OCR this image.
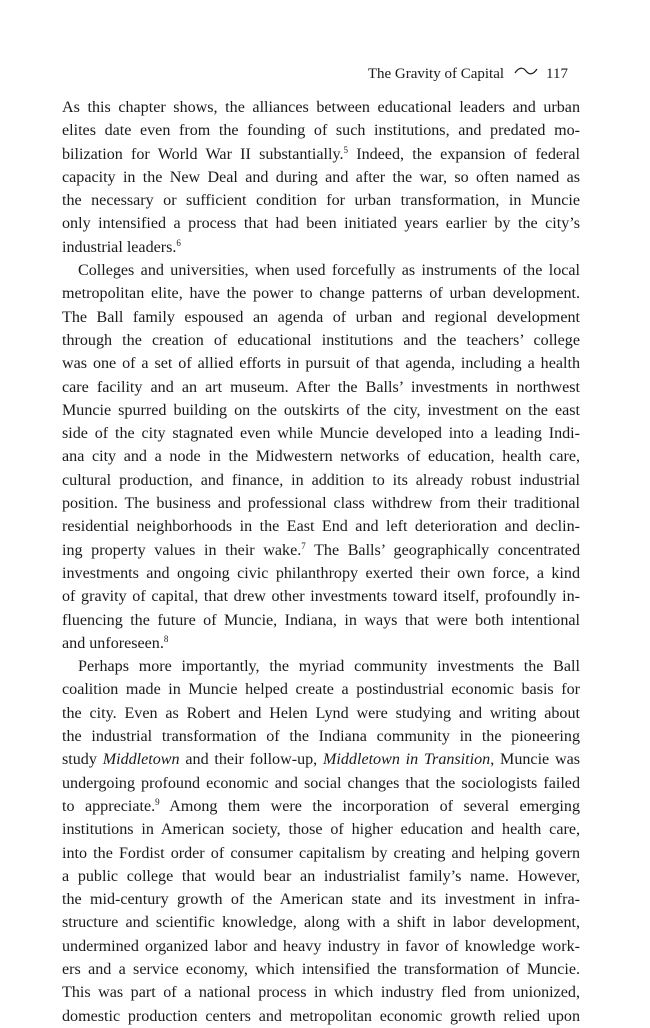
The Gravity of Capital	117
As this chapter shows, the alliances between educational leaders and urban
elites date even from the founding of such institutions, and predated mo-
bilization for World War II substantially.$^5$ Indeed, the expansion of federal
capacity in the New Deal and during and after the war, so often named as
the necessary or sufficient condition for urban transformation, in Muncie
only intensified a process that had been initiated years earlier by the city’s
industrial leaders.$^6$
Colleges and universities, when used forcefully as instruments of the local
metropolitan elite, have the power to change patterns of urban development.
The Ball family espoused an agenda of urban and regional development
through the creation of educational institutions and the teachers’ college
was one of a set of allied efforts in pursuit of that agenda, including a health
care facility and an art museum. After the Balls’ investments in northwest
Muncie spurred building on the outskirts of the city, investment on the east
side of the city stagnated even while Muncie developed into a leading Indi-
ana city and a node in the Midwestern networks of education, health care,
cultural production, and finance, in addition to its already robust industrial
position. The business and professional class withdrew from their traditional
residential neighborhoods in the East End and left deterioration and declin-
ing property values in their wake.$^7$ The Balls’ geographically concentrated
investments and ongoing civic philanthropy exerted their own force, a kind
of gravity of capital, that drew other investments toward itself, profoundly in-
fluencing the future of Muncie, Indiana, in ways that were both intentional
and unforeseen.$^8$
Perhaps more importantly, the myriad community investments the Ball
coalition made in Muncie helped create a postindustrial economic basis for
the city. Even as Robert and Helen Lynd were studying and writing about
the industrial transformation of the Indiana community in the pioneering
study Middletown and their follow-up, Middletown in Transition, Muncie was
undergoing profound economic and social changes that the sociologists failed
to appreciate.$^9$ Among them were the incorporation of several emerging
institutions in American society, those of higher education and health care,
into the Fordist order of consumer capitalism by creating and helping govern
a public college that would bear an industrialist family’s name. However,
the mid-century growth of the American state and its investment in infra-
structure and scientific knowledge, along with a shift in labor development,
undermined organized labor and heavy industry in favor of knowledge work-
ers and a service economy, which intensified the transformation of Muncie.
This was part of a national process in which industry fled from unionized,
domestic production centers and metropolitan economic growth relied upon
